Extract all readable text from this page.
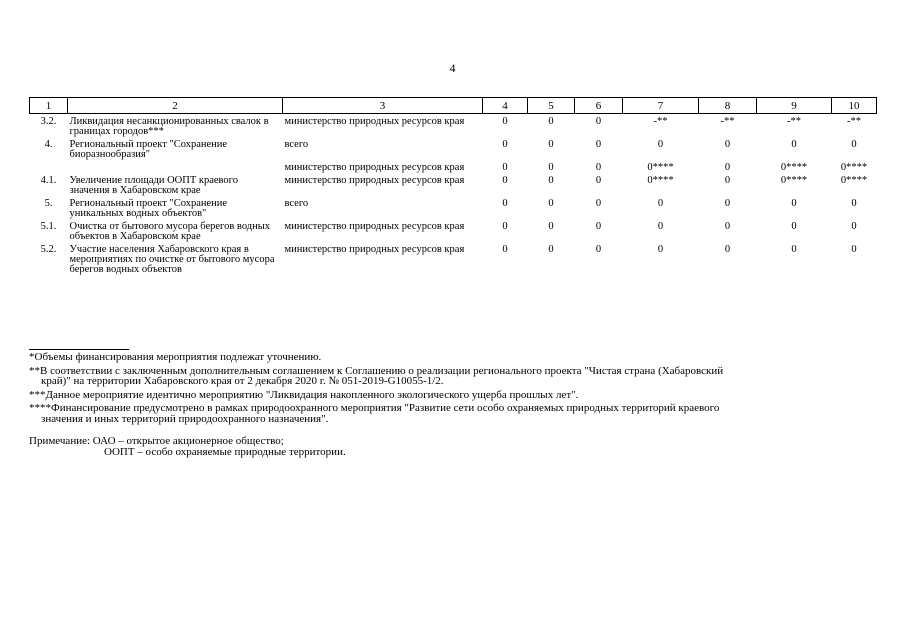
4
1	2	3	4	5	6	7	8	9	10
3.2.	Ликвидация несанкционированных свалок в границах городов***	министерство природных ресурсов края	0	0	0	-**	-**	-**	-**
4.	Региональный проект "Сохранение биоразнообразия"	всего	0	0	0	0	0	0	0
		министерство природных ресурсов края	0	0	0	0****	0	0****	0****
4.1.	Увеличение площади ООПТ краевого значения в Хабаровском крае	министерство природных ресурсов края	0	0	0	0****	0	0****	0****
5.	Региональный проект "Сохранение уникальных водных объектов"	всего	0	0	0	0	0	0	0
5.1.	Очистка от бытового мусора берегов водных объектов в Хабаровском крае	министерство природных ресурсов края	0	0	0	0	0	0	0
5.2.	Участие населения Хабаровского края в мероприятиях по очистке от бытового мусора берегов водных объектов	министерство природных ресурсов края	0	0	0	0	0	0	0

*Объемы финансирования мероприятия подлежат уточнению.

**В соответствии с заключенным дополнительным соглашением к Соглашению о реализации регионального проекта "Чистая страна (Хабаровский
край)" на территории Хабаровского края от 2 декабря 2020 г. № 051-2019-G10055-1/2.

***Данное мероприятие идентично мероприятию "Ликвидация накопленного экологического ущерба прошлых лет".

****Финансирование предусмотрено в рамках природоохранного мероприятия "Развитие сети особо охраняемых природных территорий краевого
значения и иных территорий природоохранного назначения".

Примечание: ОАО – открытое акционерное общество;
ООПТ – особо охраняемые природные территории.
